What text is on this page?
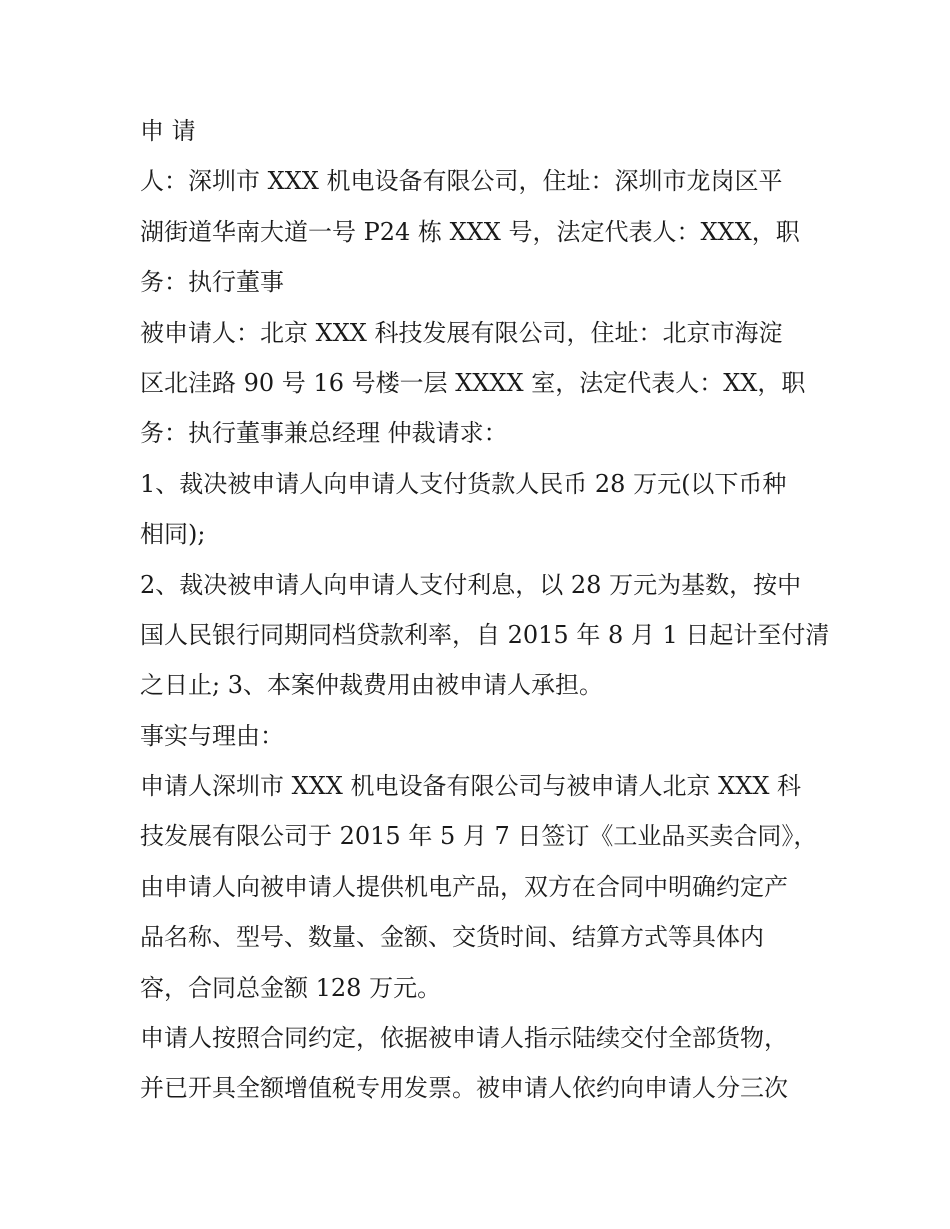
申 请
人：深圳市 XXX 机电设备有限公司，住址：深圳市龙岗区平
湖街道华南大道一号 P24 栋 XXX 号，法定代表人：XXX，职
务：执行董事
被申请人：北京 XXX 科技发展有限公司，住址：北京市海淀
区北洼路 90 号 16 号楼一层 XXXX 室，法定代表人：XX，职
务：执行董事兼总经理 仲裁请求：
1、裁决被申请人向申请人支付货款人民币 28 万元(以下币种
相同);
2、裁决被申请人向申请人支付利息，以 28 万元为基数，按中
国人民银行同期同档贷款利率，自 2015 年 8 月 1 日起计至付清
之日止; 3、本案仲裁费用由被申请人承担。
事实与理由：
申请人深圳市 XXX 机电设备有限公司与被申请人北京 XXX 科
技发展有限公司于 2015 年 5 月 7 日签订《工业品买卖合同》，
由申请人向被申请人提供机电产品，双方在合同中明确约定产
品名称、型号、数量、金额、交货时间、结算方式等具体内
容，合同总金额 128 万元。
申请人按照合同约定，依据被申请人指示陆续交付全部货物，
并已开具全额增值税专用发票。被申请人依约向申请人分三次
